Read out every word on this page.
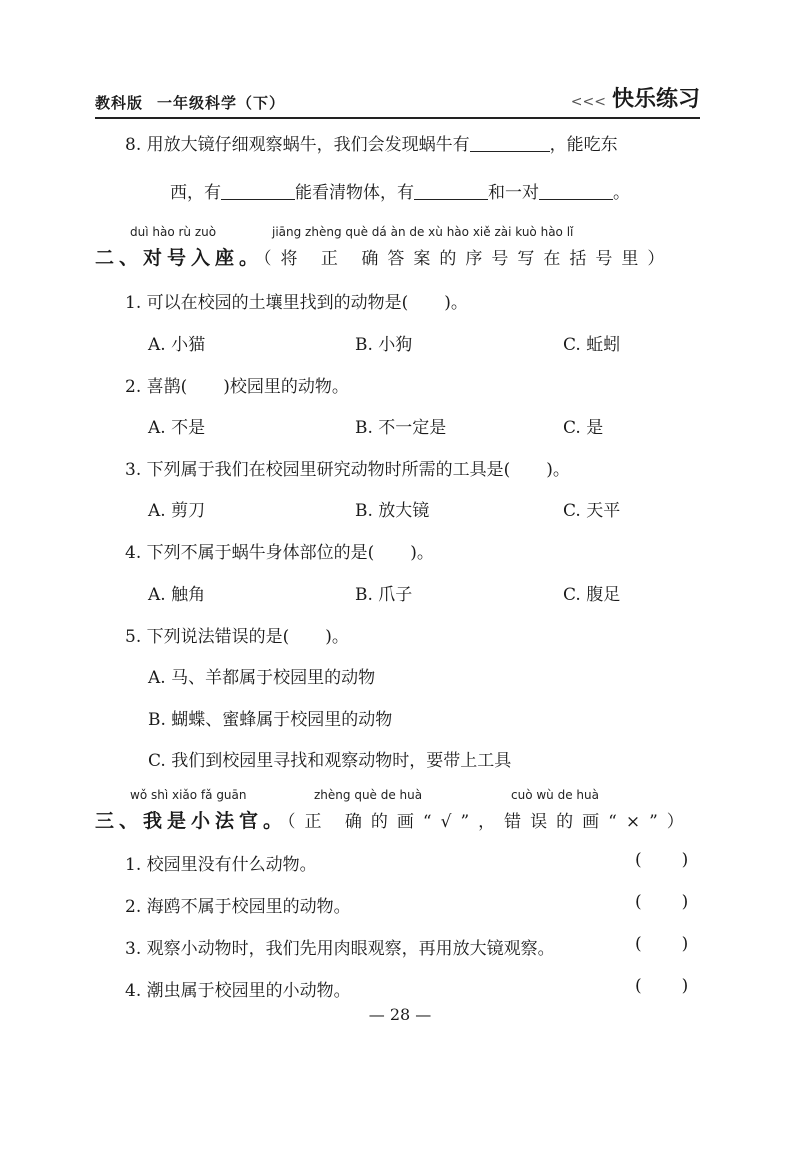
教科版 一年级科学（下）	<<< 快乐练习
8. 用放大镜仔细观察蜗牛，我们会发现蜗牛有	，能吃东
西，有	能看清物体，有	和一对	。
duì hào rù zuò	jiāng zhèng què dá àn de xù hào xiě zài kuò hào lǐ
二、对号入座。（将 正 确答案的序号写在括号里）
1. 可以在校园的土壤里找到的动物是( )。
A. 小猫	B. 小狗	C. 蚯蚓
2. 喜鹊( )校园里的动物。
A. 不是	B. 不一定是	C. 是
3. 下列属于我们在校园里研究动物时所需的工具是( )。
A. 剪刀	B. 放大镜	C. 天平
4. 下列不属于蜗牛身体部位的是( )。
A. 触角	B. 爪子	C. 腹足
5. 下列说法错误的是( )。
A. 马、羊都属于校园里的动物
B. 蝴蝶、蜜蜂属于校园里的动物
C. 我们到校园里寻找和观察动物时，要带上工具
wǒ shì xiǎo fǎ guān	zhèng què de huà	cuò wù de huà
三、我是小法官。（正 确的画“√”，错误的画“×”）
1. 校园里没有什么动物。	( )
2. 海鸥不属于校园里的动物。	( )
3. 观察小动物时，我们先用肉眼观察，再用放大镜观察。	( )
4. 潮虫属于校园里的小动物。	( )
— 28 —
